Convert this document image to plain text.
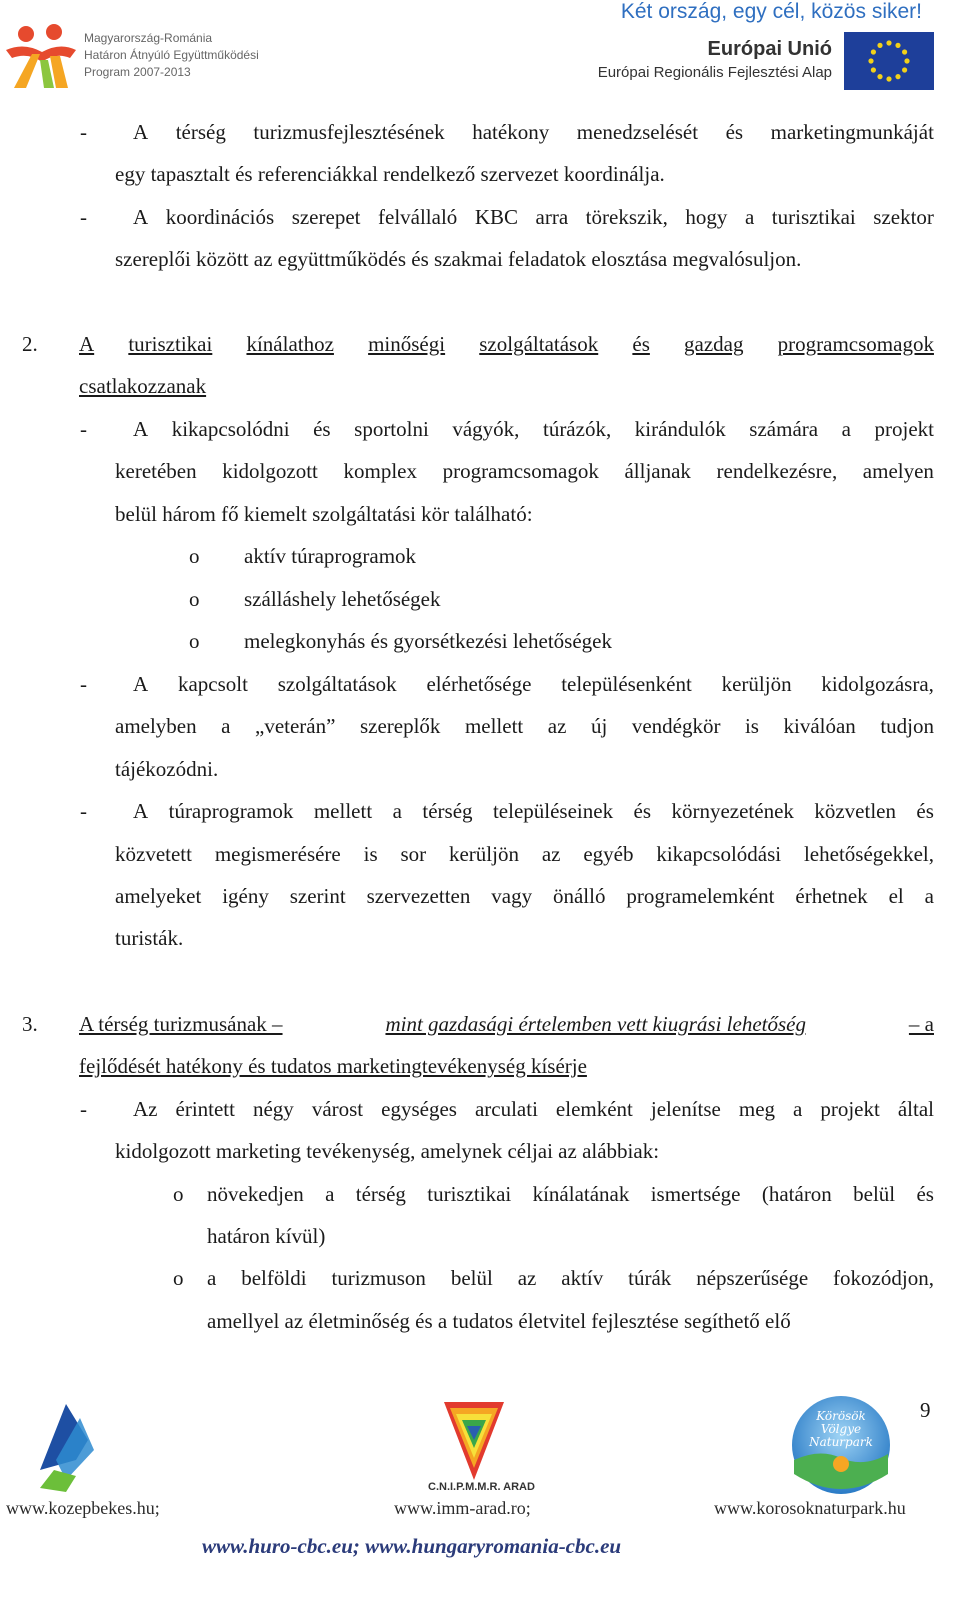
Magyarország-Románia
Határon Átnyúló Együttműködési
Program 2007-2013
Két ország, egy cél, közös siker!
Európai Unió
Európai Regionális Fejlesztési Alap
- A térség turizmusfejlesztésének hatékony menedzselését és marketingmunkáját
egy tapasztalt és referenciákkal rendelkező szervezet koordinálja.
- A koordinációs szerepet felvállaló KBC arra törekszik, hogy a turisztikai szektor
szereplői között az együttműködés és szakmai feladatok elosztása megvalósuljon.
2. A turisztikai kínálathoz minőségi szolgáltatások és gazdag programcsomagok
csatlakozzanak
- A kikapcsolódni és sportolni vágyók, túrázók, kirándulók számára a projekt
keretében kidolgozott komplex programcsomagok álljanak rendelkezésre, amelyen
belül három fő kiemelt szolgáltatási kör található:
o aktív túraprogramok
o szálláshely lehetőségek
o melegkonyhás és gyorsétkezési lehetőségek
- A kapcsolt szolgáltatások elérhetősége településenként kerüljön kidolgozásra,
amelyben a „veterán” szereplők mellett az új vendégkör is kiválóan tudjon
tájékozódni.
- A túraprogramok mellett a térség településeinek és környezetének közvetlen és
közvetett megismerésére is sor kerüljön az egyéb kikapcsolódási lehetőségekkel,
amelyeket igény szerint szervezetten vagy önálló programelemként érhetnek el a
turisták.
3. A térség turizmusának –	mint gazdasági értelemben vett kiugrási lehetőség	– a
fejlődését hatékony és tudatos marketingtevékenység kísérje
- Az érintett négy várost egységes arculati elemként jelenítse meg a projekt által
kidolgozott marketing tevékenység, amelynek céljai az alábbiak:
o növekedjen a térség turisztikai kínálatának ismertsége (határon belül és
határon kívül)
o a belföldi turizmuson belül az aktív túrák népszerűsége fokozódjon,
amellyel az életminőség és a tudatos életvitel fejlesztése segíthető elő
9
C.N.I.P.M.M.R. ARAD
Körösök
Völgye
Naturpark
www.kozepbekes.hu;	www.imm-arad.ro;	www.korosoknaturpark.hu
www.huro-cbc.eu; www.hungaryromania-cbc.eu
